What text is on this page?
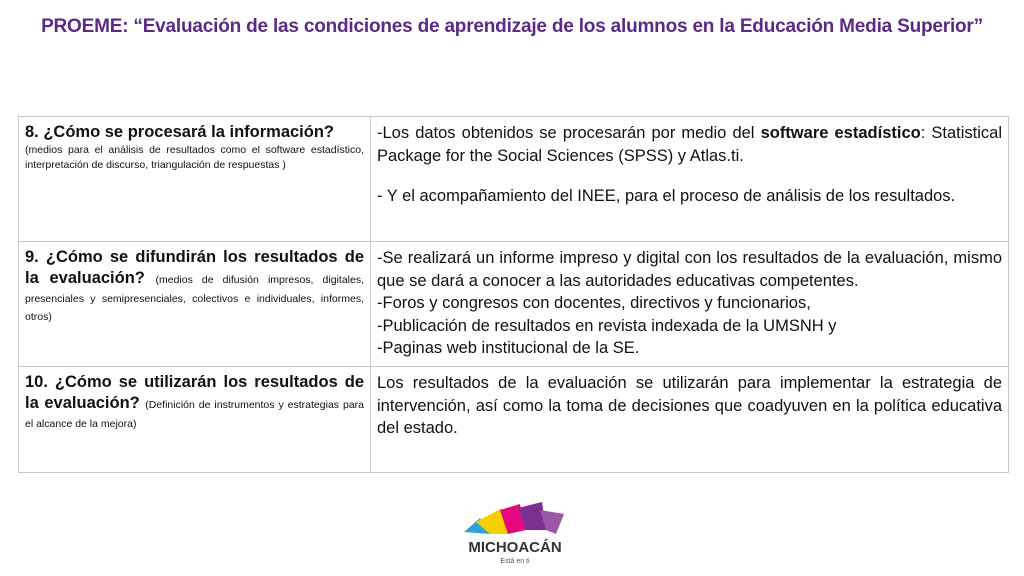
PROEME: “Evaluación de las condiciones de aprendizaje de los alumnos en la Educación Media Superior”
8. ¿Cómo se procesará la información?
(medios para el análisis de resultados como el software estadístico, interpretación de discurso, triangulación de respuestas )	-Los datos obtenidos se procesarán por medio del software estadístico: Statistical Package for the Social Sciences (SPSS) y Atlas.ti.
- Y el acompañamiento del INEE, para el proceso de análisis de los resultados.

9. ¿Cómo se difundirán los resultados de la evaluación? (medios de difusión impresos, digitales, presenciales y semipresenciales, colectivos e individuales, informes, otros)	-Se realizará un informe impreso y digital con los resultados de la evaluación, mismo que se dará a conocer a las autoridades educativas competentes.
-Foros y congresos con docentes, directivos y funcionarios,
-Publicación de resultados en revista indexada de la UMSNH y
-Paginas web institucional de la SE.

10. ¿Cómo se utilizarán los resultados de la evaluación? (Definición de instrumentos y estrategias para el alcance de la mejora)	Los resultados de la evaluación se utilizarán para implementar la estrategia de intervención, así como la toma de decisiones que coadyuven en la política educativa del estado.
MICHOACÁN
Está en ti
